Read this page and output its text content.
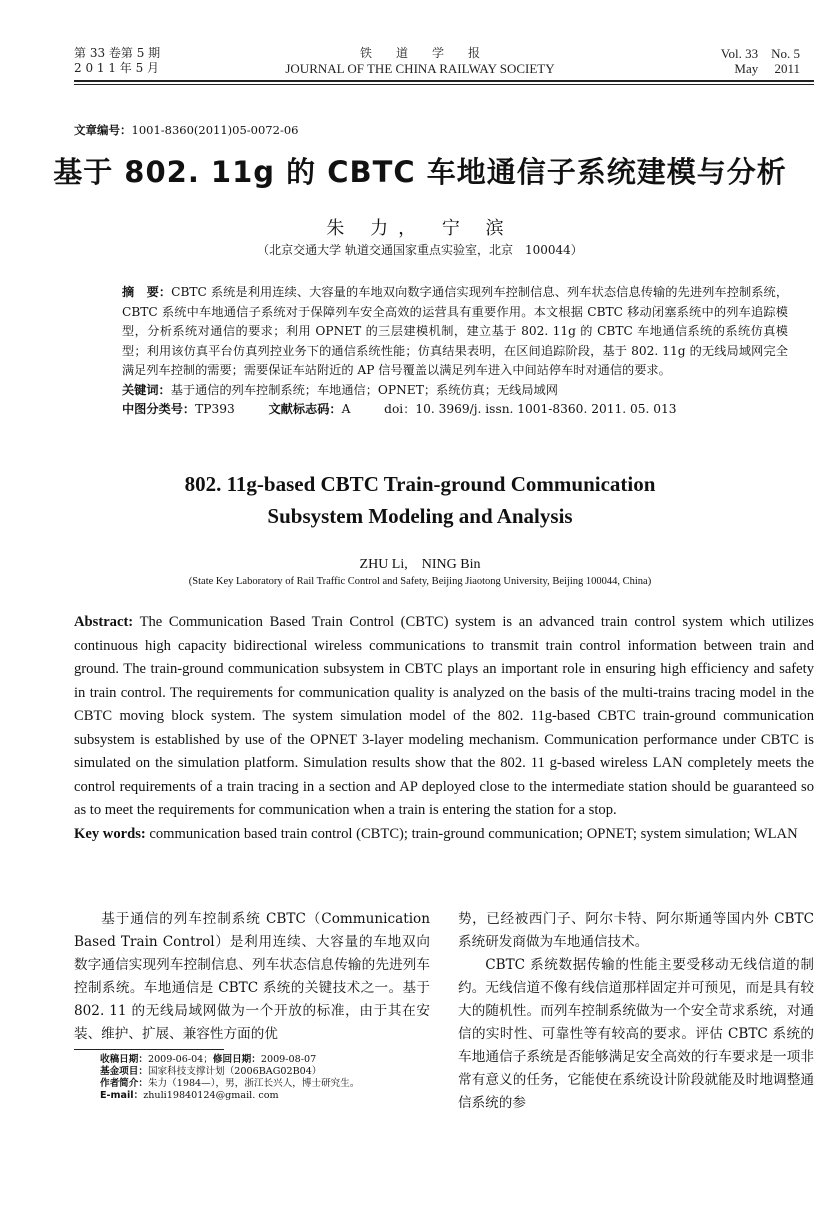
第 33 卷第 5 期
2 0 1 1 年 5 月
铁　　道　　学　　报
JOURNAL OF THE CHINA RAILWAY SOCIETY
Vol. 33　No. 5
May　 2011
文章编号：1001-8360(2011)05-0072-06
基于 802. 11g 的 CBTC 车地通信子系统建模与分析
朱 力， 宁 滨
（北京交通大学 轨道交通国家重点实验室，北京　100044）
摘　要：CBTC 系统是利用连续、大容量的车地双向数字通信实现列车控制信息、列车状态信息传输的先进列车控制系统，CBTC 系统中车地通信子系统对于保障列车安全高效的运营具有重要作用。本文根据 CBTC 移动闭塞系统中的列车追踪模型，分析系统对通信的要求；利用 OPNET 的三层建模机制，建立基于 802. 11g 的 CBTC 车地通信系统的系统仿真模型；利用该仿真平台仿真列控业务下的通信系统性能；仿真结果表明，在区间追踪阶段，基于 802. 11g 的无线局域网完全满足列车控制的需要；需要保证车站附近的 AP 信号覆盖以满足列车进入中间站停车时对通信的要求。
关键词：基于通信的列车控制系统；车地通信；OPNET；系统仿真；无线局域网
中图分类号：TP393	文献标志码：A	doi：10. 3969/j. issn. 1001-8360. 2011. 05. 013
802. 11g-based CBTC Train-ground Communication
Subsystem Modeling and Analysis
ZHU Li,　NING Bin
(State Key Laboratory of Rail Traffic Control and Safety, Beijing Jiaotong University, Beijing 100044, China)
Abstract: The Communication Based Train Control (CBTC) system is an advanced train control system which utilizes continuous high capacity bidirectional wireless communications to transmit train control information between train and ground. The train-ground communication subsystem in CBTC plays an important role in ensuring high efficiency and safety in train control. The requirements for communication quality is analyzed on the basis of the multi-trains tracing model in the CBTC moving block system. The system simulation model of the 802. 11g-based CBTC train-ground communication subsystem is established by use of the OPNET 3-layer modeling mechanism. Communication performance under CBTC is simulated on the simulation platform. Simulation results show that the 802. 11 g-based wireless LAN completely meets the control requirements of a train tracing in a section and AP deployed close to the intermediate station should be guaranteed so as to meet the requirements for communication when a train is entering the station for a stop.
Key words: communication based train control (CBTC); train-ground communication; OPNET; system simulation; WLAN

基于通信的列车控制系统 CBTC（Communication Based Train Control）是利用连续、大容量的车地双向数字通信实现列车控制信息、列车状态信息传输的先进列车控制系统。车地通信是 CBTC 系统的关键技术之一。基于 802. 11 的无线局域网做为一个开放的标准，由于其在安装、维护、扩展、兼容性方面的优

势，已经被西门子、阿尔卡特、阿尔斯通等国内外 CBTC 系统研发商做为车地通信技术。

CBTC 系统数据传输的性能主要受移动无线信道的制约。无线信道不像有线信道那样固定并可预见，而是具有较大的随机性。而列车控制系统做为一个安全苛求系统，对通信的实时性、可靠性等有较高的要求。评估 CBTC 系统的车地通信子系统是否能够满足安全高效的行车要求是一项非常有意义的任务，它能使在系统设计阶段就能及时地调整通信系统的参

收稿日期：2009-06-04；修回日期：2009-08-07
基金项目：国家科技支撑计划（2006BAG02B04）
作者简介：朱力（1984—），男，浙江长兴人，博士研究生。
E-mail：zhuli19840124@gmail. com
